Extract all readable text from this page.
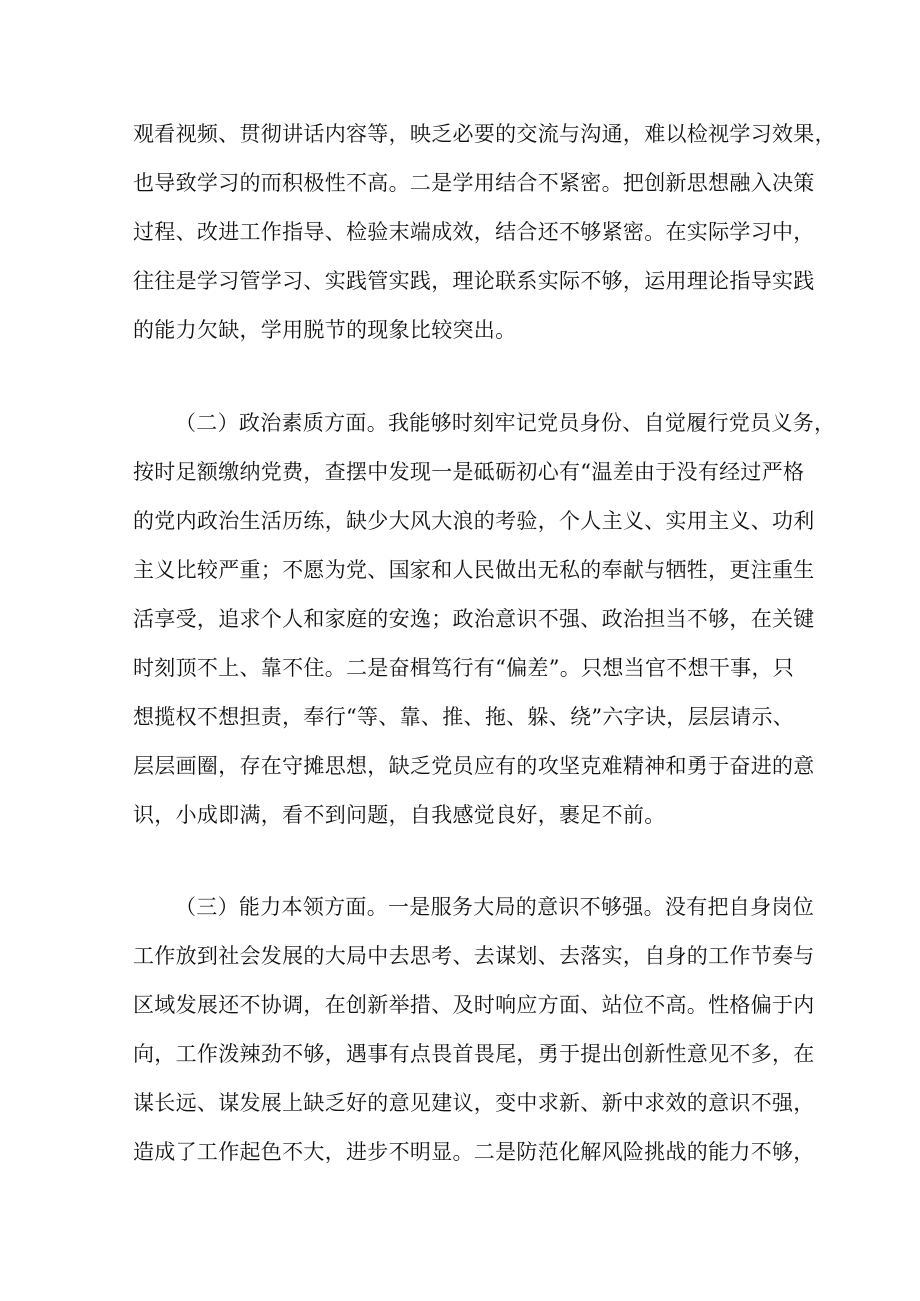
观看视频、贯彻讲话内容等，映乏必要的交流与沟通，难以检视学习效果，
也导致学习的而积极性不高。二是学用结合不紧密。把创新思想融入决策
过程、改进工作指导、检验末端成效，结合还不够紧密。在实际学习中，
往往是学习管学习、实践管实践，理论联系实际不够，运用理论指导实践
的能力欠缺，学用脱节的现象比较突出。
（二）政治素质方面。我能够时刻牢记党员身份、自觉履行党员义务，
按时足额缴纳党费，查摆中发现一是砥砺初心有“温差由于没有经过严格
的党内政治生活历练，缺少大风大浪的考验，个人主义、实用主义、功利
主义比较严重；不愿为党、国家和人民做出无私的奉献与牺牲，更注重生
活享受，追求个人和家庭的安逸；政治意识不强、政治担当不够，在关键
时刻顶不上、靠不住。二是奋楫笃行有“偏差”。只想当官不想干事，只
想揽权不想担责，奉行“等、靠、推、拖、躲、绕”六字诀，层层请示、
层层画圈，存在守摊思想，缺乏党员应有的攻坚克难精神和勇于奋进的意
识，小成即满，看不到问题，自我感觉良好，裹足不前。
（三）能力本领方面。一是服务大局的意识不够强。没有把自身岗位
工作放到社会发展的大局中去思考、去谋划、去落实，自身的工作节奏与
区域发展还不协调，在创新举措、及时响应方面、站位不高。性格偏于内
向，工作泼辣劲不够，遇事有点畏首畏尾，勇于提出创新性意见不多，在
谋长远、谋发展上缺乏好的意见建议，变中求新、新中求效的意识不强，
造成了工作起色不大，进步不明显。二是防范化解风险挑战的能力不够，
